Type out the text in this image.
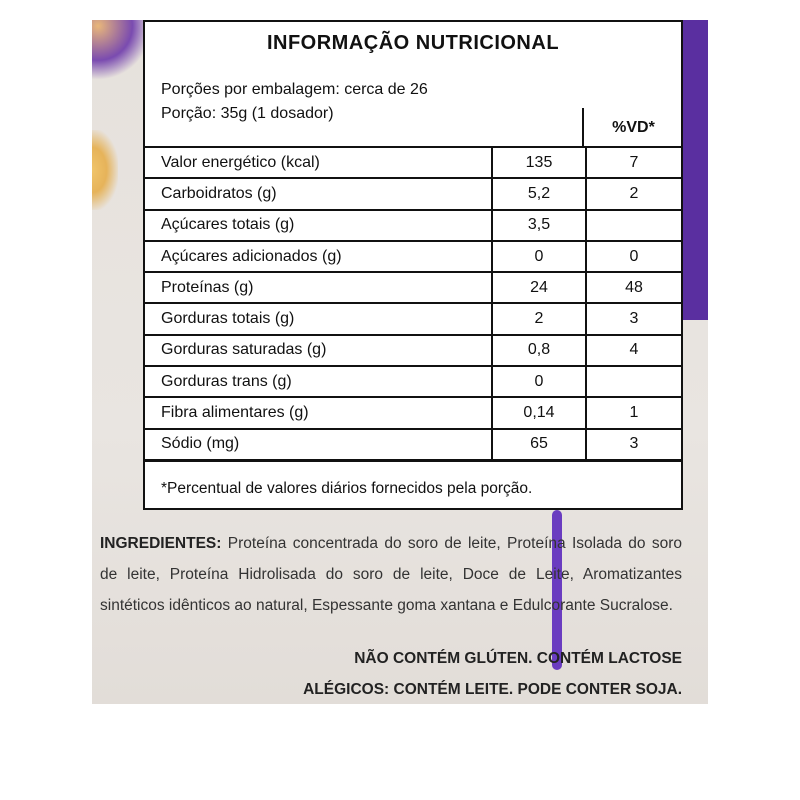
INFORMAÇÃO NUTRICIONAL
Porções por embalagem: cerca de 26
Porção: 35g (1 dosador)
%VD*
Valor energético (kcal)	135	7
Carboidratos (g)	5,2	2
Açúcares totais (g)	3,5	
Açúcares adicionados (g)	0	0
Proteínas (g)	24	48
Gorduras totais (g)	2	3
Gorduras saturadas (g)	0,8	4
Gorduras trans (g)	0	
Fibra alimentares (g)	0,14	1
Sódio (mg)	65	3
*Percentual de valores diários fornecidos pela porção.
INGREDIENTES: Proteína concentrada do soro de leite, Proteína Isolada do soro de leite, Proteína Hidrolisada do soro de leite, Doce de Leite, Aromatizantes sintéticos idênticos ao natural, Espessante goma xantana e Edulcorante Sucralose.
NÃO CONTÉM GLÚTEN. CONTÉM LACTOSE
ALÉGICOS: CONTÉM LEITE. PODE CONTER SOJA.
